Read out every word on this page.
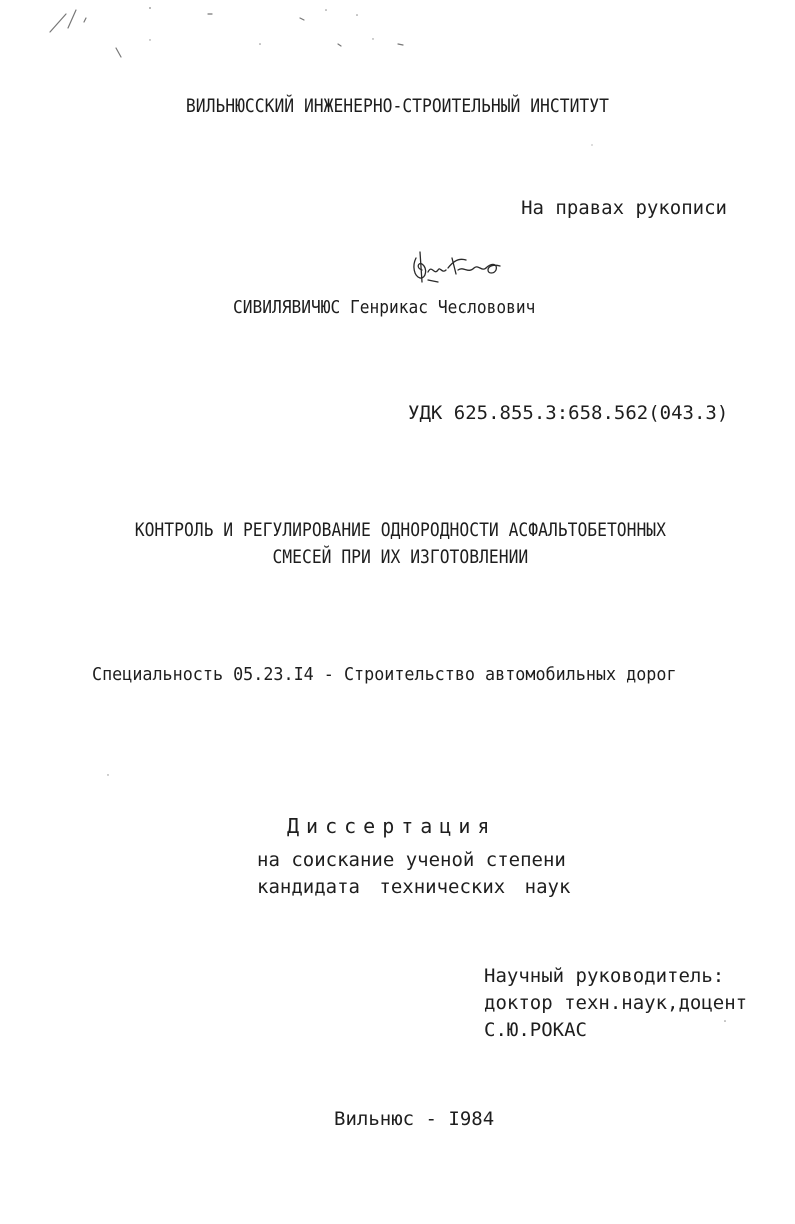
ВИЛЬНЮССКИЙ ИНЖЕНЕРНО-СТРОИТЕЛЬНЫЙ ИНСТИТУТ
На правах рукописи
СИВИЛЯВИЧЮС Генрикас Чесловович
УДК 625.855.3:658.562(043.3)
КОНТРОЛЬ И РЕГУЛИРОВАНИЕ ОДНОРОДНОСТИ АСФАЛЬТОБЕТОННЫХ
СМЕСЕЙ ПРИ ИХ ИЗГОТОВЛЕНИИ
Специальность 05.23.I4 - Строительство автомобильных дорог
Диссертация
на соискание ученой степени
кандидата технических наук
Научный руководитель:
доктор техн.наук,доцент
С.Ю.РОКАС
Вильнюс - I984
